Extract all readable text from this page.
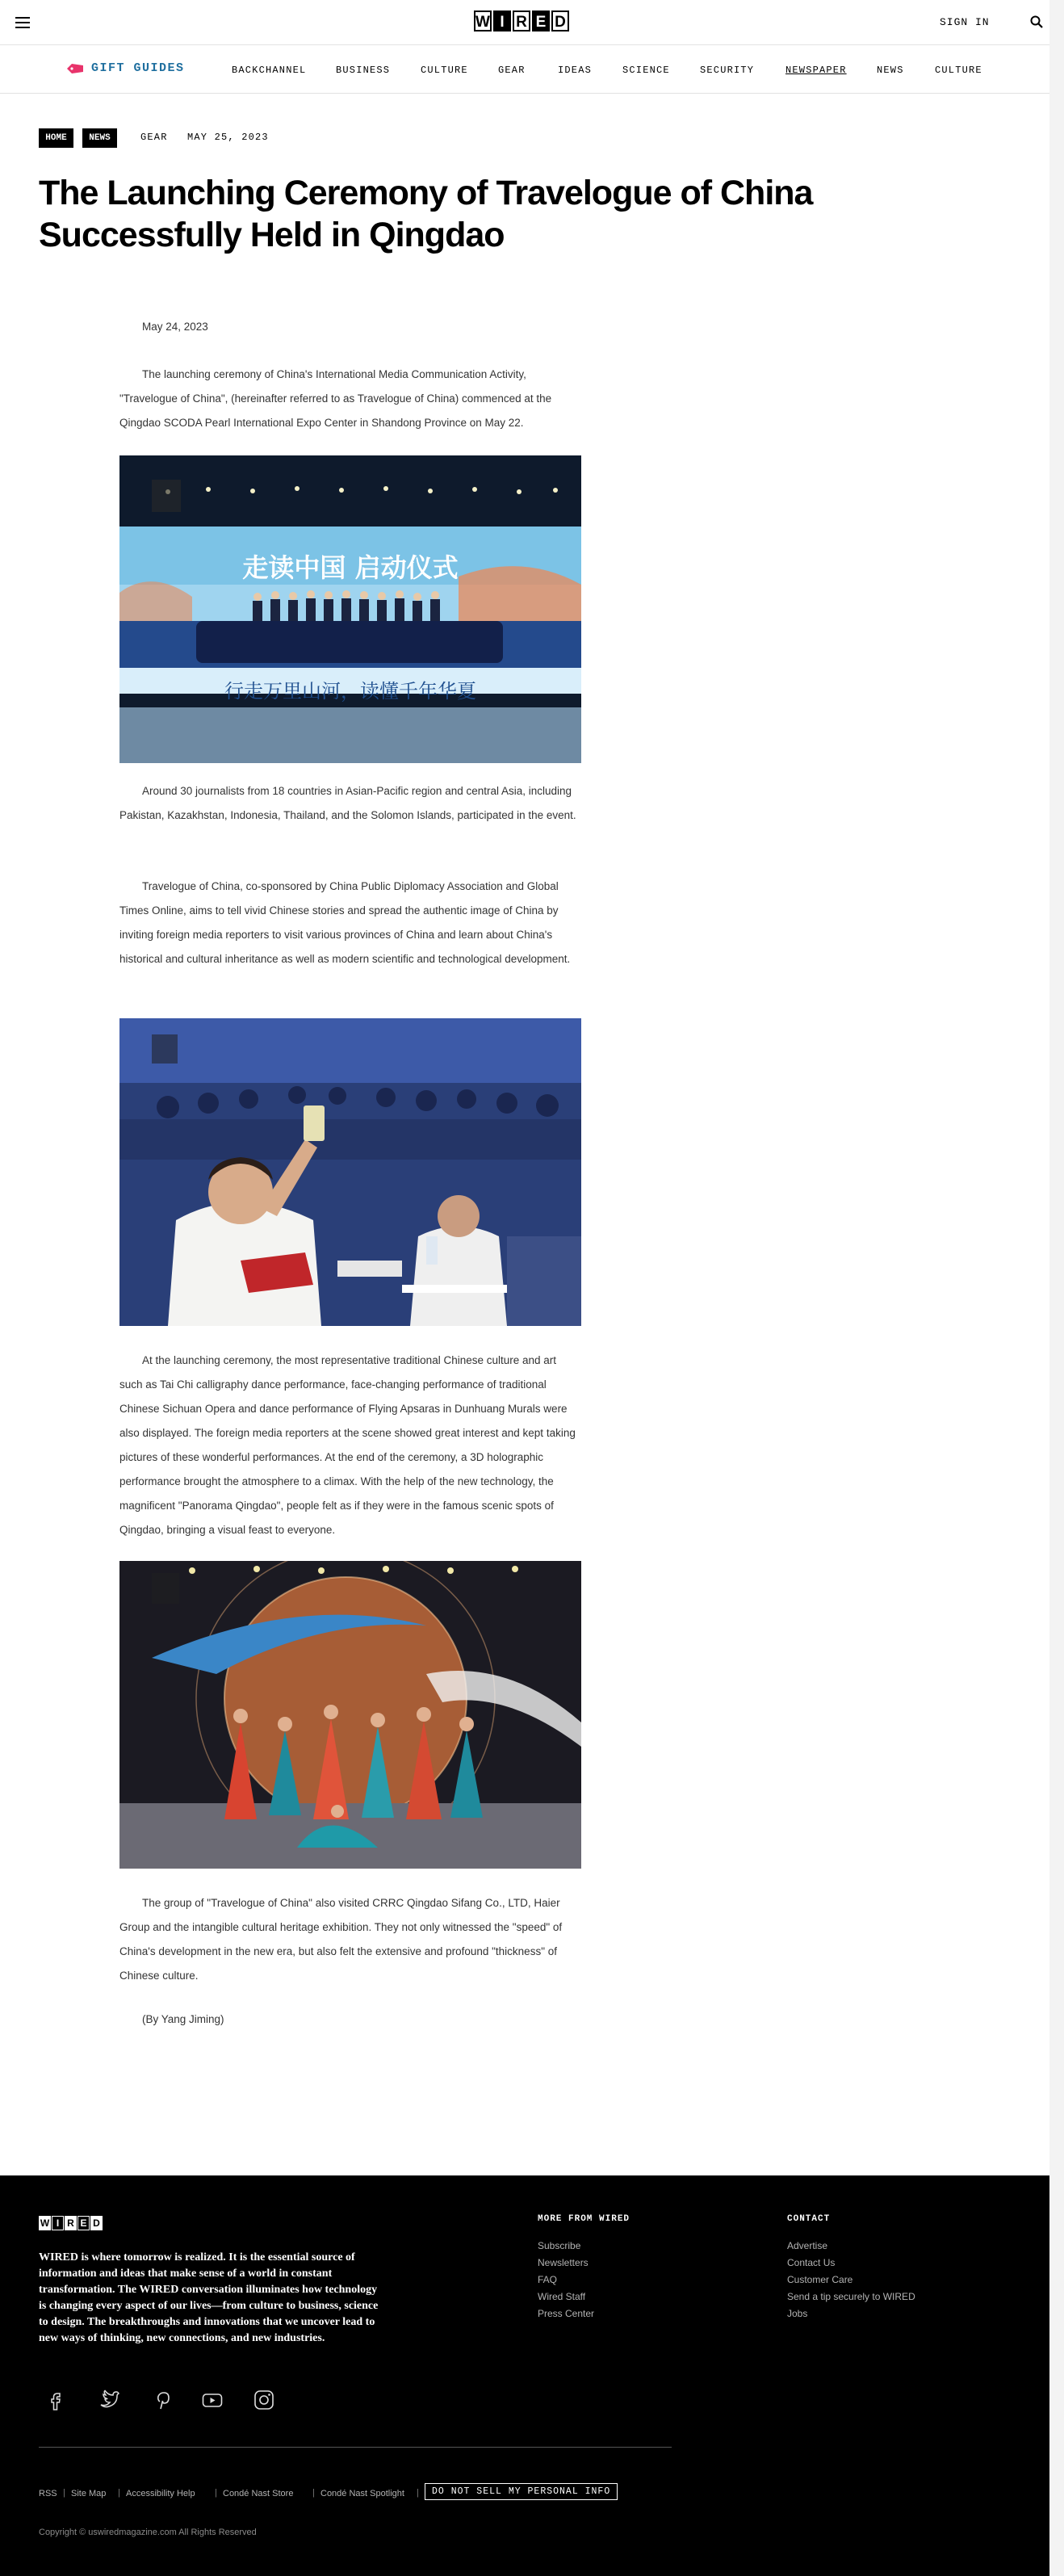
W I R E D	SIGN IN
GIFT GUIDES	BACKCHANNEL	BUSINESS	CULTURE	GEAR	IDEAS	SCIENCE	SECURITY	NEWSPAPER	NEWS	CULTURE
HOME	NEWS	GEAR MAY 25, 2023
The Launching Ceremony of Travelogue of China
Successfully Held in Qingdao
May 24, 2023

The launching ceremony of China's International Media Communication Activity, "Travelogue of China", (hereinafter referred to as Travelogue of China) commenced at the Qingdao SCODA Pearl International Expo Center in Shandong Province on May 22.

走读中国 启动仪式
行走万里山河，读懂千年华夏

Around 30 journalists from 18 countries in Asian-Pacific region and central Asia, including Pakistan, Kazakhstan, Indonesia, Thailand, and the Solomon Islands, participated in the event.

Travelogue of China, co-sponsored by China Public Diplomacy Association and Global Times Online, aims to tell vivid Chinese stories and spread the authentic image of China by inviting foreign media reporters to visit various provinces of China and learn about China's historical and cultural inheritance as well as modern scientific and technological development.

At the launching ceremony, the most representative traditional Chinese culture and art such as Tai Chi calligraphy dance performance, face-changing performance of traditional Chinese Sichuan Opera and dance performance of Flying Apsaras in Dunhuang Murals were also displayed. The foreign media reporters at the scene showed great interest and kept taking pictures of these wonderful performances. At the end of the ceremony, a 3D holographic performance brought the atmosphere to a climax. With the help of the new technology, the magnificent "Panorama Qingdao", people felt as if they were in the famous scenic spots of Qingdao, bringing a visual feast to everyone.

The group of "Travelogue of China" also visited CRRC Qingdao Sifang Co., LTD, Haier Group and the intangible cultural heritage exhibition. They not only witnessed the "speed" of China's development in the new era, but also felt the extensive and profound "thickness" of Chinese culture.

(By Yang Jiming)

W I R E D

WIRED is where tomorrow is realized. It is the essential source of information and ideas that make sense of a world in constant transformation. The WIRED conversation illuminates how technology is changing every aspect of our lives—from culture to business, science to design. The breakthroughs and innovations that we uncover lead to new ways of thinking, new connections, and new industries.

MORE FROM WIRED
Subscribe
Newsletters
FAQ
Wired Staff
Press Center
CONTACT
Advertise
Contact Us
Customer Care
Send a tip securely to WIRED
Jobs
RSS | Site Map | Accessibility Help | Condé Nast Store | Condé Nast Spotlight |	DO NOT SELL MY PERSONAL INFO
Copyright © uswiredmagazine.com All Rights Reserved
